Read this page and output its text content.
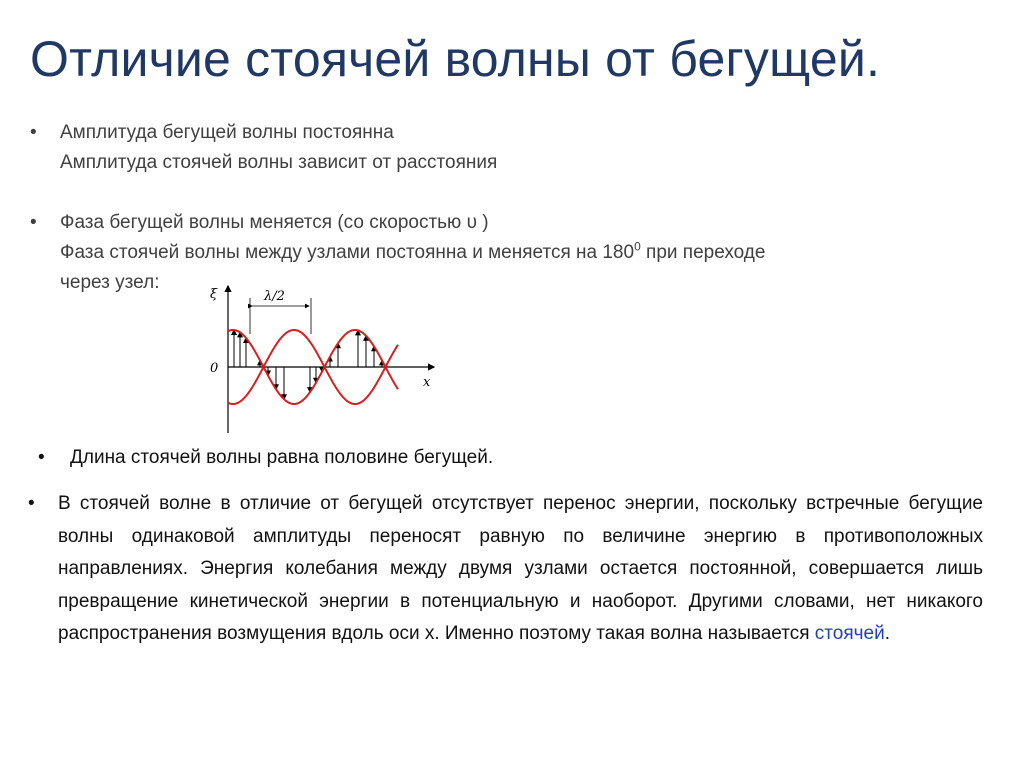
Отличие стоячей волны от бегущей.
•	Амплитуда бегущей волны постоянна
Амплитуда стоячей волны зависит от расстояния
•	Фаза бегущей волны меняется (со скоростью υ )
Фаза стоячей волны между узлами постоянна и меняется на $180^0$ при переходе
через узел:
ξ
0
x
λ/2
• Длина стоячей волны равна половине бегущей.
• В стоячей волне в отличие от бегущей отсутствует перенос энергии, поскольку встречные бегущие волны одинаковой амплитуды переносят равную по величине энергию в противоположных направлениях. Энергия колебания между двумя узлами остается постоянной, совершается лишь превращение кинетической энергии в потенциальную и наоборот. Другими словами, нет никакого распространения возмущения вдоль оси x. Именно поэтому такая волна называется стоячей.
